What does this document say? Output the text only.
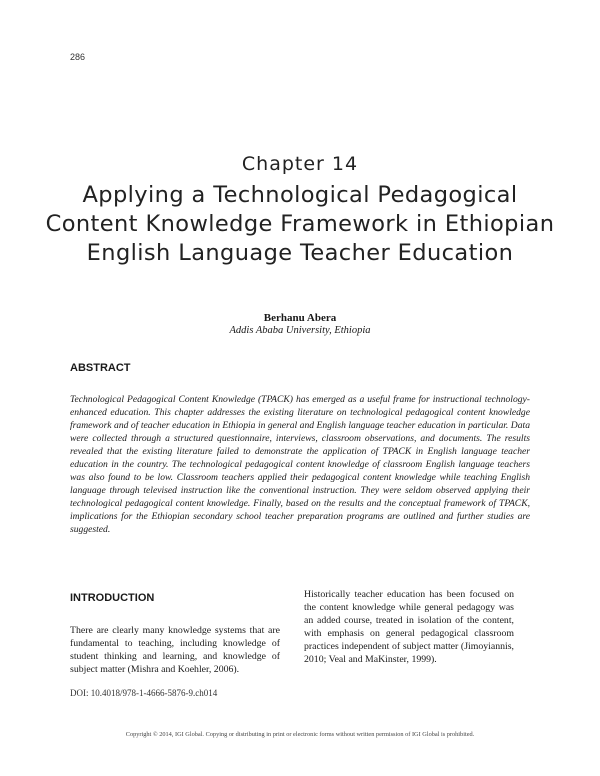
286
Chapter 14
Applying a Technological Pedagogical Content Knowledge Framework in Ethiopian English Language Teacher Education
Berhanu Abera
Addis Ababa University, Ethiopia
ABSTRACT

Technological Pedagogical Content Knowledge (TPACK) has emerged as a useful frame for instructional technology-enhanced education. This chapter addresses the existing literature on technological pedagogical content knowledge framework and of teacher education in Ethiopia in general and English language teacher education in particular. Data were collected through a structured questionnaire, interviews, classroom observations, and documents. The results revealed that the existing literature failed to demonstrate the application of TPACK in English language teacher education in the country. The technological pedagogical content knowledge of classroom English language teachers was also found to be low. Classroom teachers applied their pedagogical content knowledge while teaching English language through televised instruction like the conventional instruction. They were seldom observed applying their technological pedagogical content knowledge. Finally, based on the results and the conceptual framework of TPACK, implications for the Ethiopian secondary school teacher preparation programs are outlined and further studies are suggested.

INTRODUCTION

There are clearly many knowledge systems that are fundamental to teaching, including knowledge of student thinking and learning, and knowledge of subject matter (Mishra and Koehler, 2006).

Historically teacher education has been focused on the content knowledge while general pedagogy was an added course, treated in isolation of the content, with emphasis on general pedagogical classroom practices independent of subject matter (Jimoyiannis, 2010; Veal and MaKinster, 1999).

DOI: 10.4018/978-1-4666-5876-9.ch014
Copyright © 2014, IGI Global. Copying or distributing in print or electronic forms without written permission of IGI Global is prohibited.
